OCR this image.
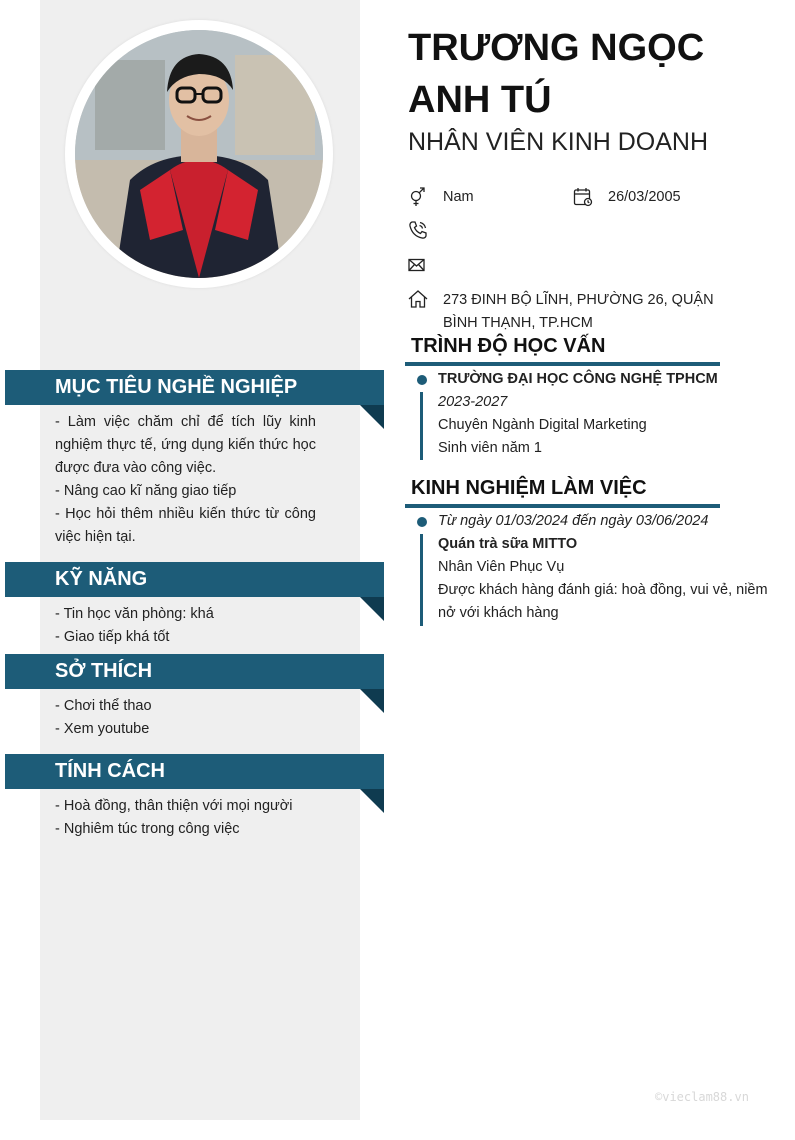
MỤC TIÊU NGHỀ NGHIỆP
- Làm việc chăm chỉ để tích lũy kinh nghiệm thực tế, ứng dụng kiến thức học được đưa vào công việc.
- Nâng cao kĩ năng giao tiếp
- Học hỏi thêm nhiều kiến thức từ công việc hiện tại.
KỸ NĂNG
- Tin học văn phòng: khá
- Giao tiếp khá tốt
SỞ THÍCH
- Chơi thể thao
- Xem youtube
TÍNH CÁCH
- Hoà đồng, thân thiện với mọi người
- Nghiêm túc trong công việc
TRƯƠNG NGỌC ANH TÚ
NHÂN VIÊN KINH DOANH
Nam	26/03/2005
273 ĐINH BỘ LĨNH, PHƯỜNG 26, QUẬN BÌNH THẠNH, TP.HCM
TRÌNH ĐỘ HỌC VẤN
TRƯỜNG ĐẠI HỌC CÔNG NGHỆ TPHCM
2023-2027
Chuyên Ngành Digital Marketing
Sinh viên năm 1
KINH NGHIỆM LÀM VIỆC
Từ ngày 01/03/2024 đến ngày 03/06/2024
Quán trà sữa MITTO
Nhân Viên Phục Vụ
Được khách hàng đánh giá: hoà đồng, vui vẻ, niềm nở với khách hàng
©vieclam88.vn
